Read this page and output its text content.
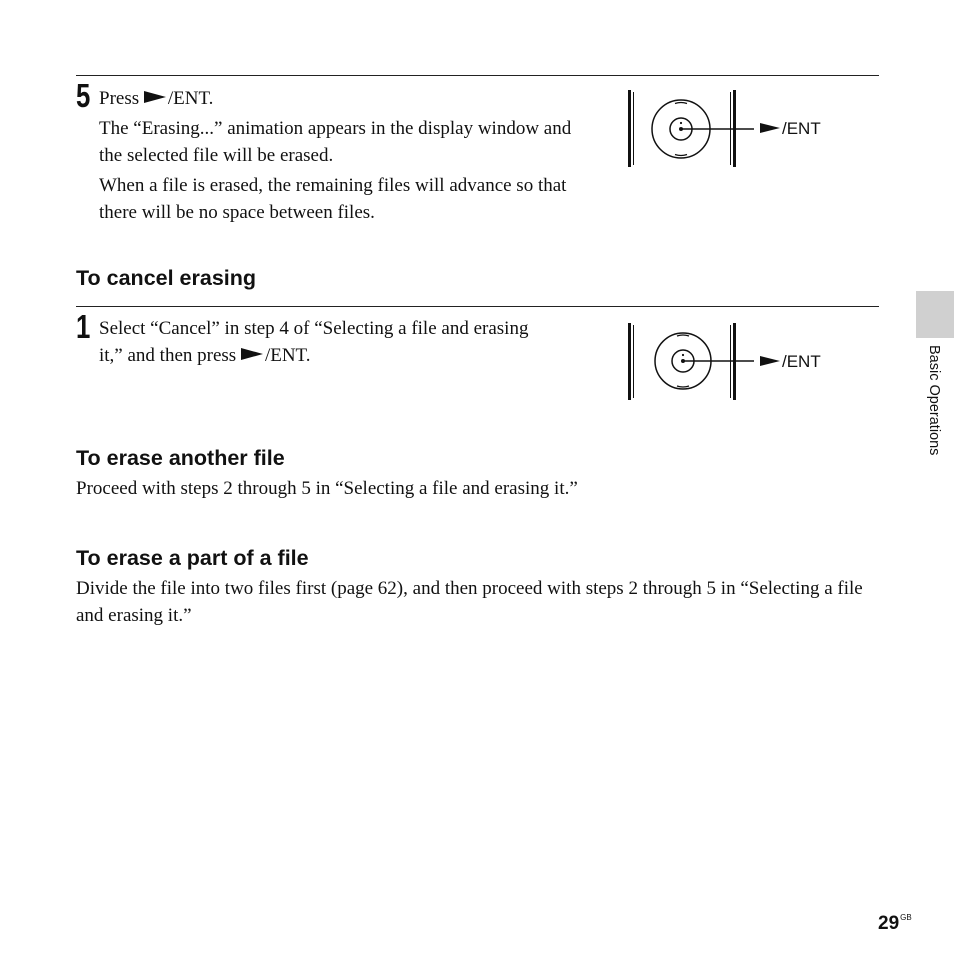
5 Press /ENT.

The “Erasing...” animation appears in the display window and the selected file will be erased.

When a file is erased, the remaining files will advance so that there will be no space between files.

/ENT
To cancel erasing
1 Select “Cancel” in step 4 of “Selecting a file and erasing it,” and then press /ENT.	/ENT
To erase another file
Proceed with steps 2 through 5 in “Selecting a file and erasing it.”
To erase a part of a file
Divide the file into two files first (page 62), and then proceed with steps 2 through 5 in “Selecting a file and erasing it.”
Basic Operations
$29^{GB}$
